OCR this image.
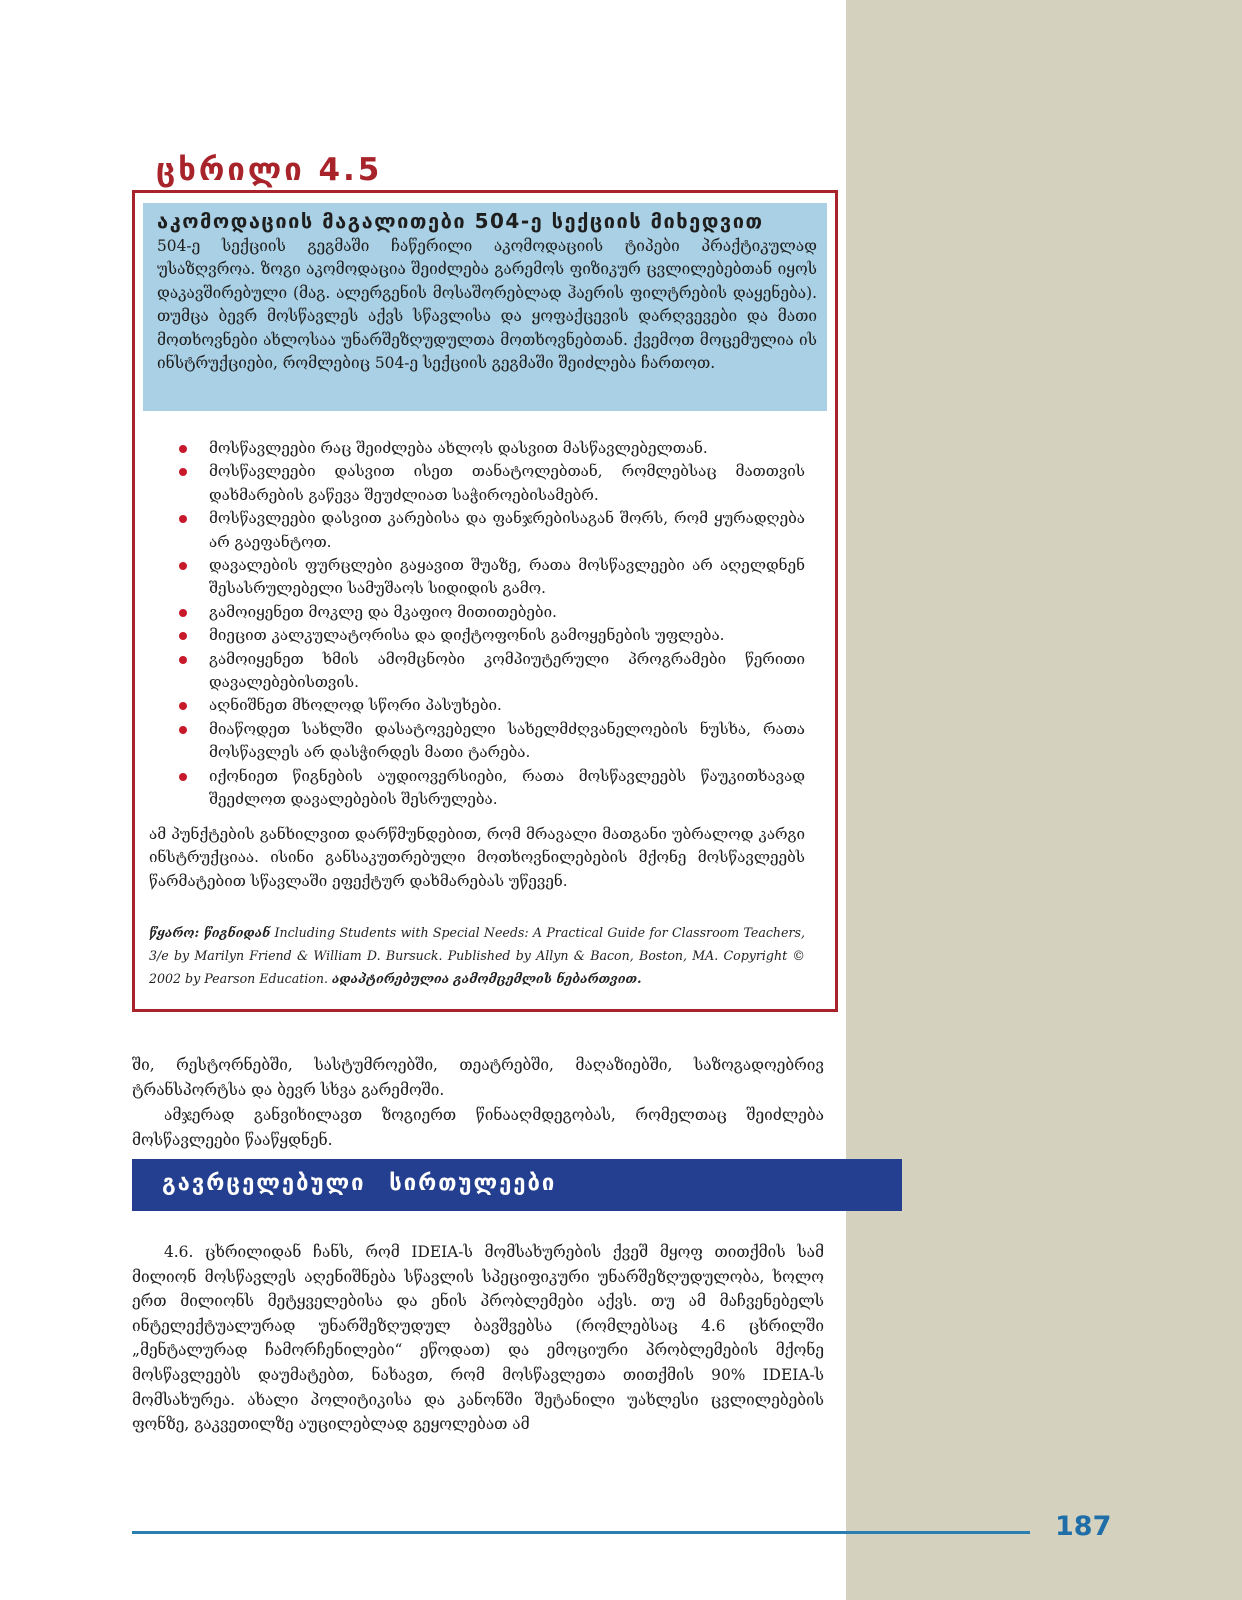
ცხრილი 4.5
აკომოდაციის მაგალითები 504-ე სექციის მიხედვით
504-ე სექციის გეგმაში ჩაწერილი აკომოდაციის ტიპები პრაქტიკულად უსაზღვროა. ზოგი აკომოდაცია შეიძლება გარემოს ფიზიკურ ცვლილებებთან იყოს დაკავშირებული (მაგ. ალერგენის მოსაშორებლად ჰაერის ფილტრების დაყენება). თუმცა ბევრ მოსწავლეს აქვს სწავლისა და ყოფაქცევის დარღვევები და მათი მოთხოვნები ახლოსაა უნარშეზღუდულთა მოთხოვნებთან. ქვემოთ მოცემულია ის ინსტრუქციები, რომლებიც 504-ე სექციის გეგმაში შეიძლება ჩართოთ.
მოსწავლეები რაც შეიძლება ახლოს დასვით მასწავლებელთან.
მოსწავლეები დასვით ისეთ თანატოლებთან, რომლებსაც მათთვის დახმარების გაწევა შეუძლიათ საჭიროებისამებრ.
მოსწავლეები დასვით კარებისა და ფანჯრებისაგან შორს, რომ ყურადღება არ გაეფანტოთ.
დავალების ფურცლები გაყავით შუაზე, რათა მოსწავლეები არ აღელდნენ შესასრულებელი სამუშაოს სიდიდის გამო.
გამოიყენეთ მოკლე და მკაფიო მითითებები.
მიეცით კალკულატორისა და დიქტოფონის გამოყენების უფლება.
გამოიყენეთ ხმის ამომცნობი კომპიუტერული პროგრამები წერითი დავალებებისთვის.
აღნიშნეთ მხოლოდ სწორი პასუხები.
მიაწოდეთ სახლში დასატოვებელი სახელმძღვანელოების ნუსხა, რათა მოსწავლეს არ დასჭირდეს მათი ტარება.
იქონიეთ წიგნების აუდიოვერსიები, რათა მოსწავლეებს წაუკითხავად შეეძლოთ დავალებების შესრულება.
ამ პუნქტების განხილვით დარწმუნდებით, რომ მრავალი მათგანი უბრალოდ კარგი ინსტრუქციაა. ისინი განსაკუთრებული მოთხოვნილებების მქონე მოსწავლეებს წარმატებით სწავლაში ეფექტურ დახმარებას უწევენ.
წყარო: წიგნიდან Including Students with Special Needs: A Practical Guide for Classroom Teachers, 3/e by Marilyn Friend & William D. Bursuck. Published by Allyn & Bacon, Boston, MA. Copyright © 2002 by Pearson Education. ადაპტირებულია გამომცემლის ნებართვით.
ში, რესტორნებში, სასტუმროებში, თეატრებში, მაღაზიებში, საზოგადოებრივ ტრანსპორტსა და ბევრ სხვა გარემოში.
ამჯერად განვიხილავთ ზოგიერთ წინააღმდეგობას, რომელთაც შეიძლება მოსწავლეები წააწყდნენ.
გავრცელებული სირთულეები
4.6. ცხრილიდან ჩანს, რომ IDEIA-ს მომსახურების ქვეშ მყოფ თითქმის სამ მილიონ მოსწავლეს აღენიშნება სწავლის სპეციფიკური უნარშეზღუდულობა, ხოლო ერთ მილიონს მეტყველებისა და ენის პრობლემები აქვს. თუ ამ მაჩვენებელს ინტელექტუალურად უნარშეზღუდულ ბავშვებსა (რომლებსაც 4.6 ცხრილში „მენტალურად ჩამორჩენილები“ ეწოდათ) და ემოციური პრობლემების მქონე მოსწავლეებს დაუმატებთ, ნახავთ, რომ მოსწავლეთა თითქმის 90% IDEIA-ს მომსახურეა. ახალი პოლიტიკისა და კანონში შეტანილი უახლესი ცვლილებების ფონზე, გაკვეთილზე აუცილებლად გეყოლებათ ამ
187
